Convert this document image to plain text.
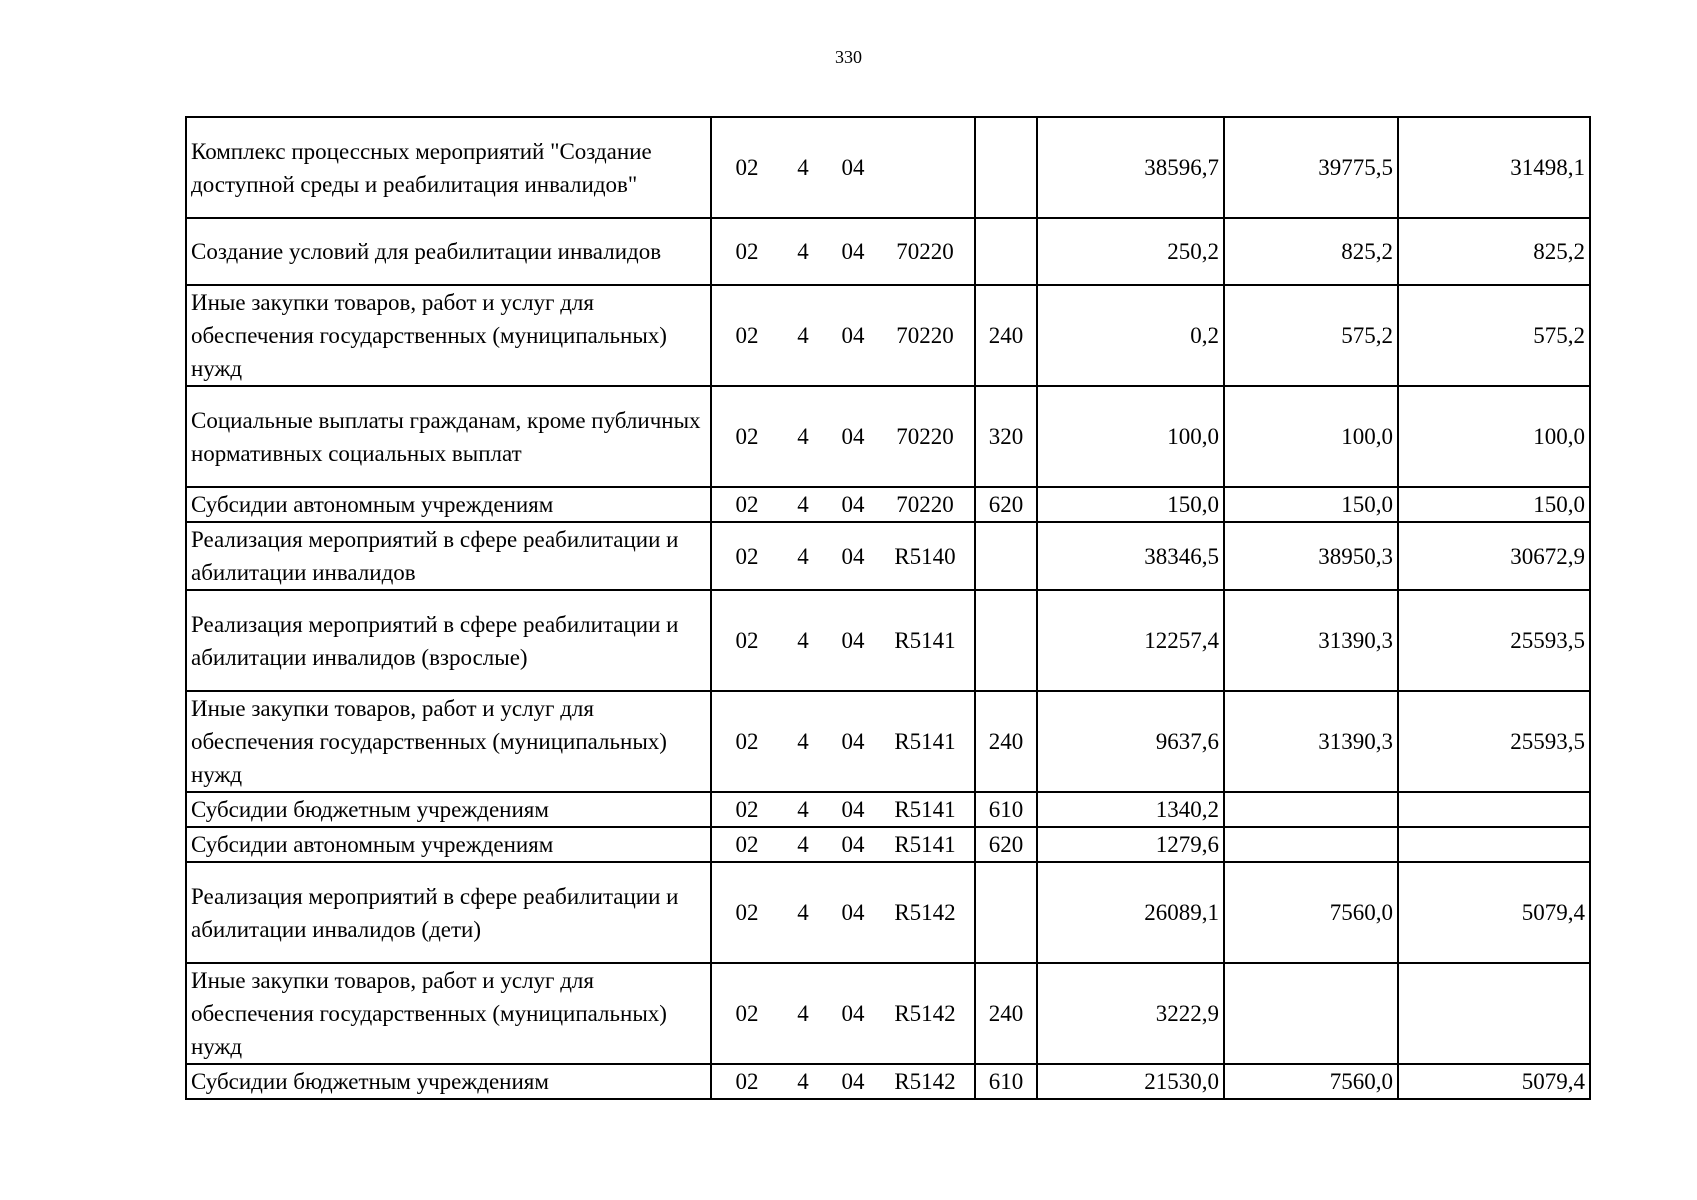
330
Комплекс процессных мероприятий "Создание доступной среды и реабилитация инвалидов"	02 4 04		38596,7	39775,5	31498,1
Создание условий для реабилитации инвалидов	02 4 04 70220		250,2	825,2	825,2
Иные закупки товаров, работ и услуг для обеспечения государственных (муниципальных) нужд	02 4 04 70220	240	0,2	575,2	575,2
Социальные выплаты гражданам, кроме публичных нормативных социальных выплат	02 4 04 70220	320	100,0	100,0	100,0
Субсидии автономным учреждениям	02 4 04 70220	620	150,0	150,0	150,0
Реализация мероприятий в сфере реабилитации и абилитации инвалидов	02 4 04 R5140		38346,5	38950,3	30672,9
Реализация мероприятий в сфере реабилитации и абилитации инвалидов (взрослые)	02 4 04 R5141		12257,4	31390,3	25593,5
Иные закупки товаров, работ и услуг для обеспечения государственных (муниципальных) нужд	02 4 04 R5141	240	9637,6	31390,3	25593,5
Субсидии бюджетным учреждениям	02 4 04 R5141	610	1340,2		
Субсидии автономным учреждениям	02 4 04 R5141	620	1279,6		
Реализация мероприятий в сфере реабилитации и абилитации инвалидов (дети)	02 4 04 R5142		26089,1	7560,0	5079,4
Иные закупки товаров, работ и услуг для обеспечения государственных (муниципальных) нужд	02 4 04 R5142	240	3222,9		
Субсидии бюджетным учреждениям	02 4 04 R5142	610	21530,0	7560,0	5079,4
